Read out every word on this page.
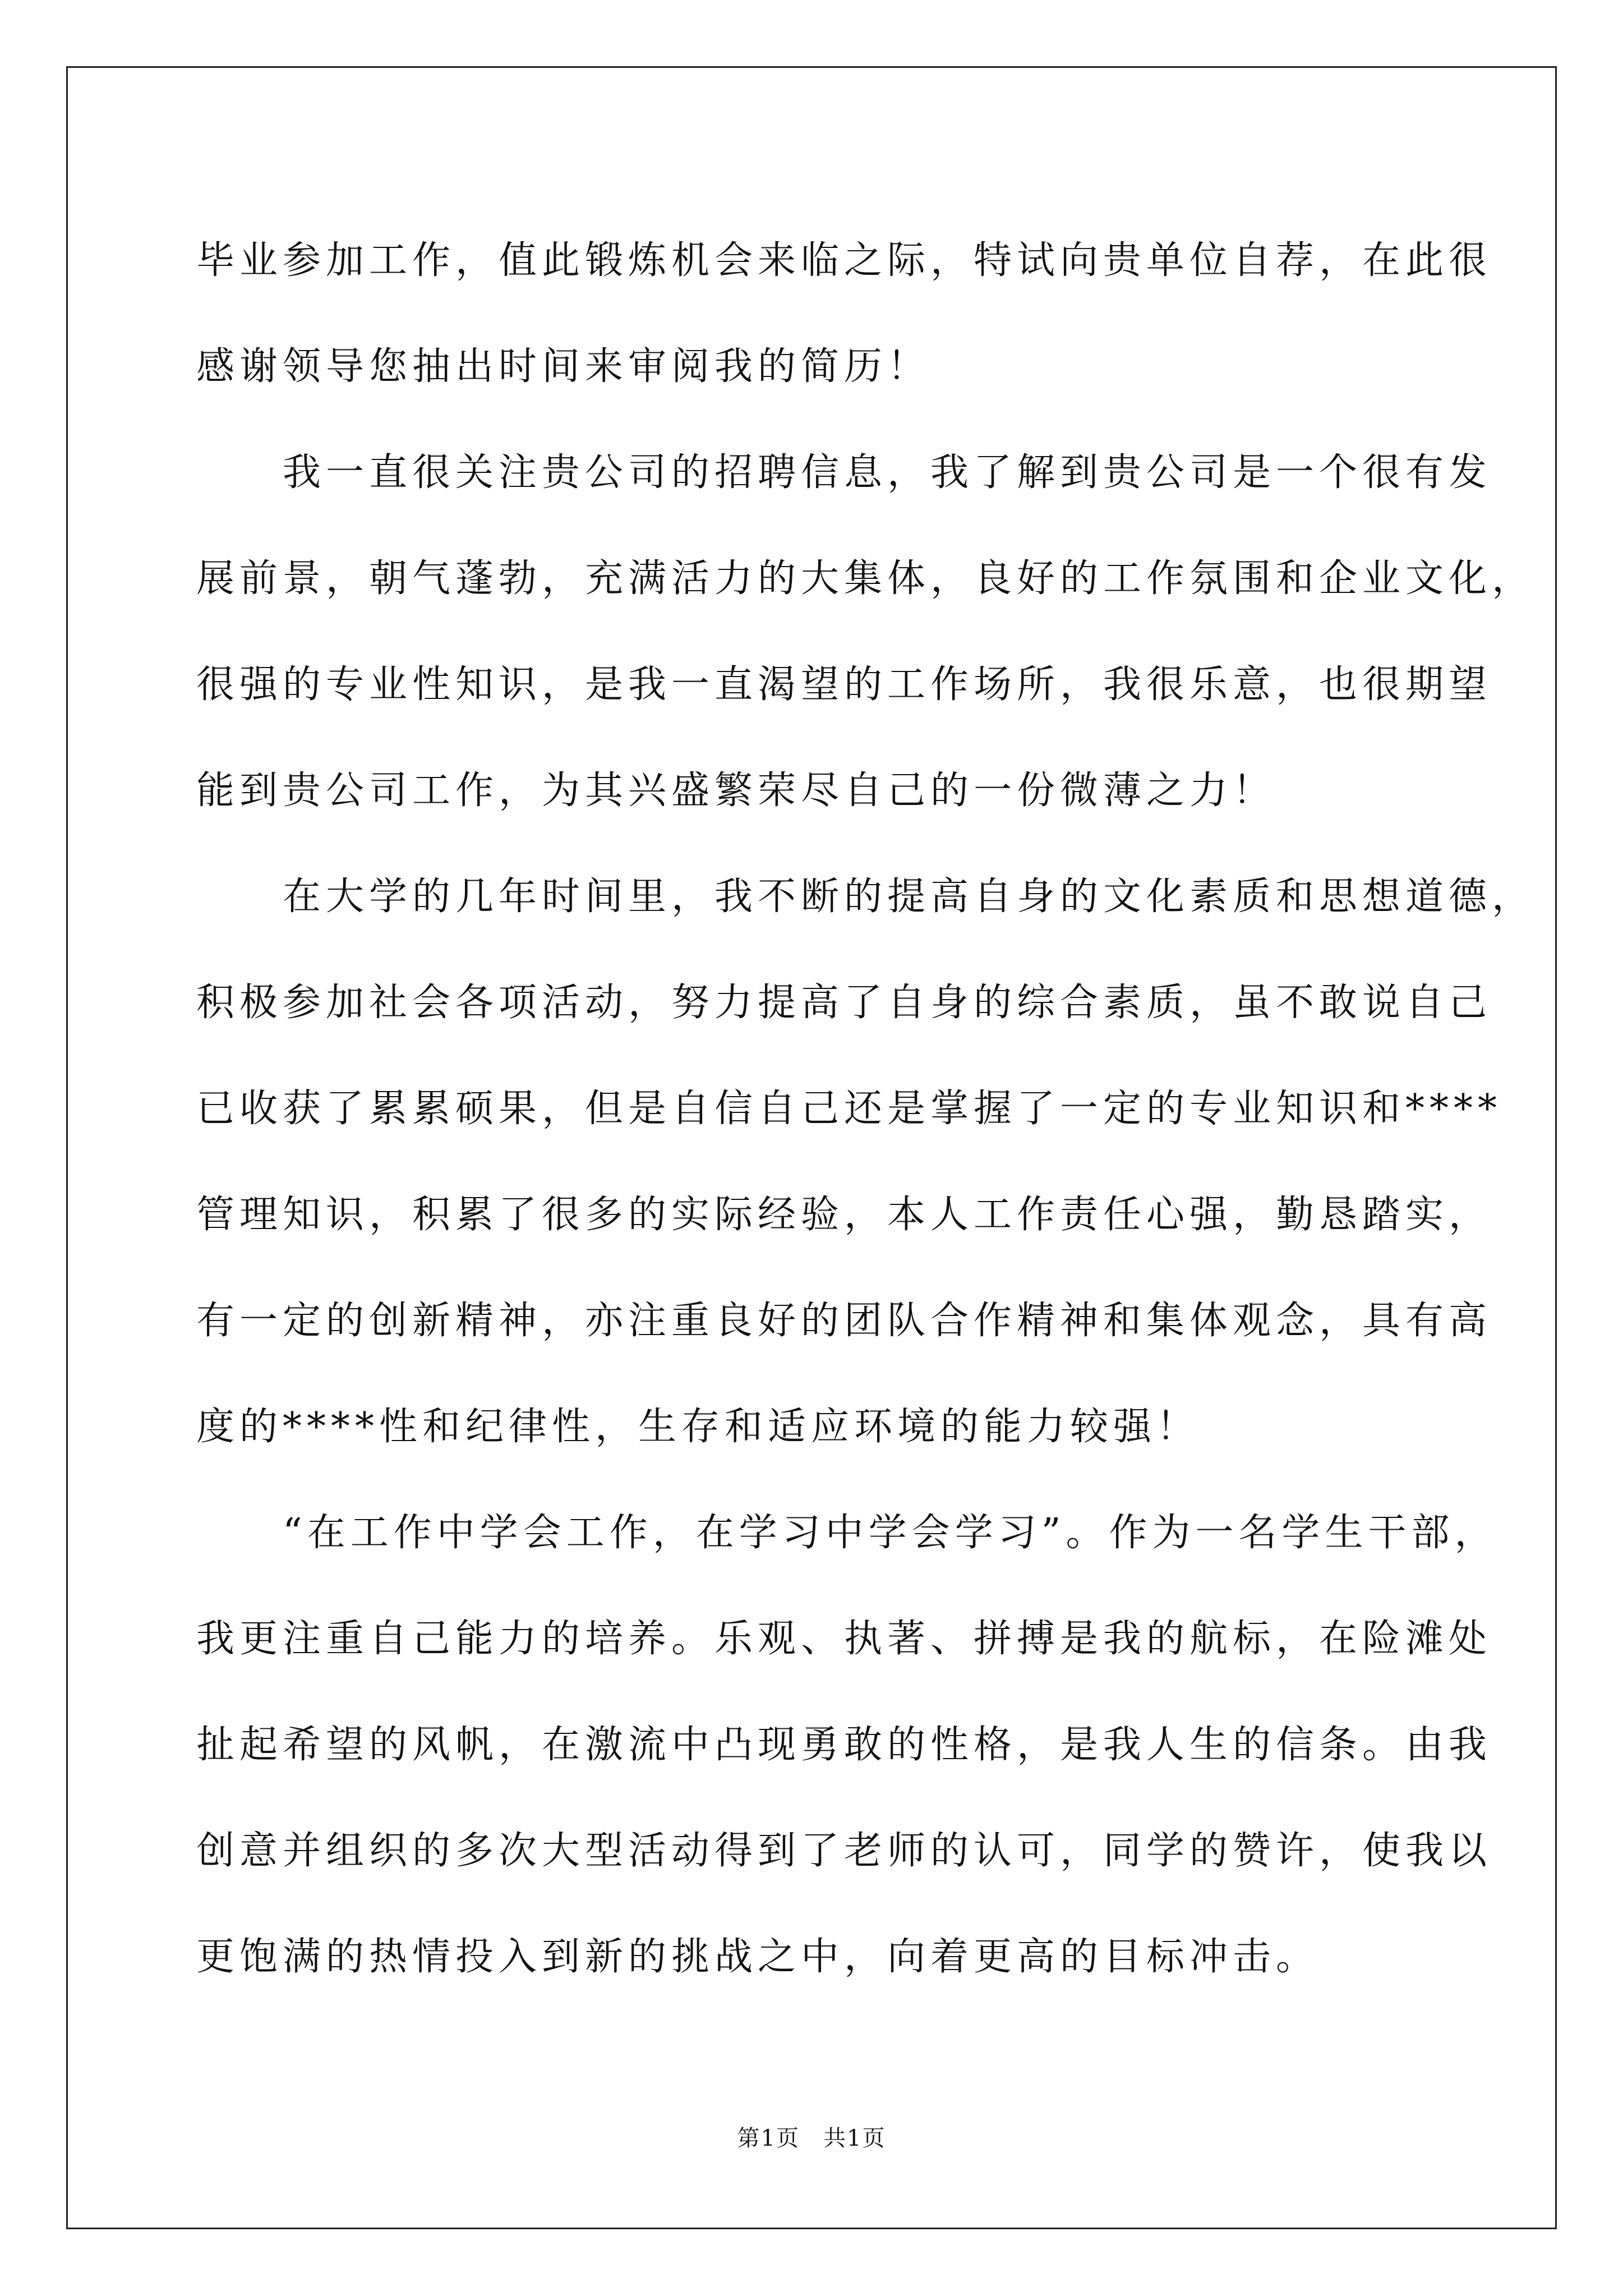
毕业参加工作，值此锻炼机会来临之际，特试向贵单位自荐，在此很
感谢领导您抽出时间来审阅我的简历！
　　我一直很关注贵公司的招聘信息，我了解到贵公司是一个很有发
展前景，朝气蓬勃，充满活力的大集体，良好的工作氛围和企业文化，
很强的专业性知识，是我一直渴望的工作场所，我很乐意，也很期望
能到贵公司工作，为其兴盛繁荣尽自己的一份微薄之力！
　　在大学的几年时间里，我不断的提高自身的文化素质和思想道德，
积极参加社会各项活动，努力提高了自身的综合素质，虽不敢说自己
已收获了累累硕果，但是自信自己还是掌握了一定的专业知识和****
管理知识，积累了很多的实际经验，本人工作责任心强，勤恳踏实，
有一定的创新精神，亦注重良好的团队合作精神和集体观念，具有高
度的****性和纪律性，生存和适应环境的能力较强！
　　“在工作中学会工作，在学习中学会学习”。作为一名学生干部，
我更注重自己能力的培养。乐观、执著、拼搏是我的航标，在险滩处
扯起希望的风帆，在激流中凸现勇敢的性格，是我人生的信条。由我
创意并组织的多次大型活动得到了老师的认可，同学的赞许，使我以
更饱满的热情投入到新的挑战之中，向着更高的目标冲击。
第1页　共1页
